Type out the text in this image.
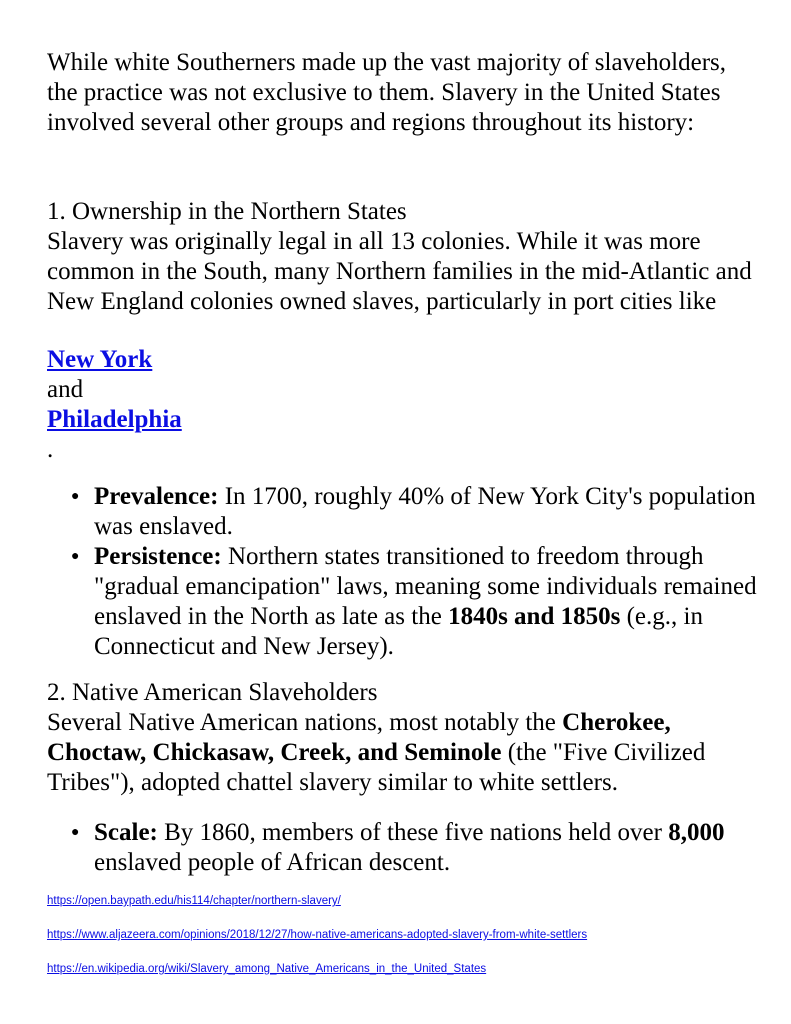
While white Southerners made up the vast majority of slaveholders, the practice was not exclusive to them. Slavery in the United States involved several other groups and regions throughout its history:

1. Ownership in the Northern States

Slavery was originally legal in all 13 colonies. While it was more common in the South, many Northern families in the mid-Atlantic and New England colonies owned slaves, particularly in port cities like

New York

and

Philadelphia

.

● Prevalence: In 1700, roughly 40% of New York City's population was enslaved.
● Persistence: Northern states transitioned to freedom through "gradual emancipation" laws, meaning some individuals remained enslaved in the North as late as the 1840s and 1850s (e.g., in Connecticut and New Jersey).

2. Native American Slaveholders

Several Native American nations, most notably the Cherokee, Choctaw, Chickasaw, Creek, and Seminole (the "Five Civilized Tribes"), adopted chattel slavery similar to white settlers.

● Scale: By 1860, members of these five nations held over 8,000 enslaved people of African descent.

https://open.baypath.edu/his114/chapter/northern-slavery/

https://www.aljazeera.com/opinions/2018/12/27/how-native-americans-adopted-slavery-from-white-settlers

https://en.wikipedia.org/wiki/Slavery_among_Native_Americans_in_the_United_States
